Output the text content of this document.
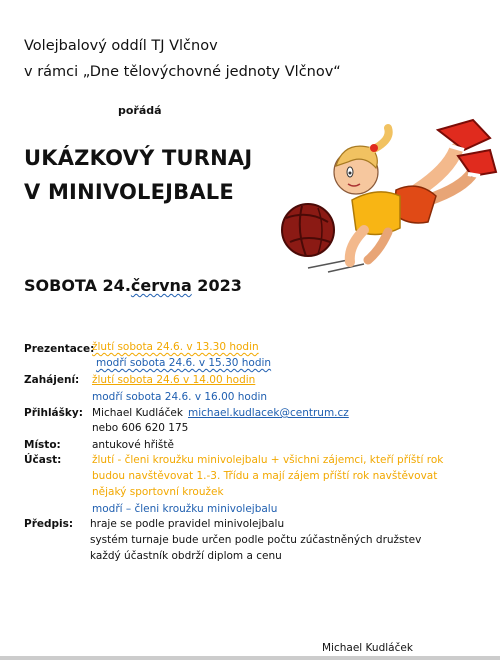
Volejbalový oddíl TJ Vlčnov
v rámci „Dne tělovýchovné jednoty Vlčnov“
pořádá
UKÁZKOVÝ TURNAJ
V MINIVOLEJBALE
SOBOTA 24.června 2023
Prezentace:
žlutí sobota 24.6. v 13.30 hodin
modří sobota 24.6. v 15.30 hodin
Zahájení: žlutí sobota 24.6 v 14.00 hodin
modří sobota 24.6. v 16.00 hodin
Přihlášky: Michael Kudláček michael.kudlacek@centrum.cz
nebo 606 620 175
Místo:	antukové hřiště
Účast:	žlutí - členi kroužku minivolejbalu + všichni zájemci, kteří příští rok
budou navštěvovat 1.-3. Třídu a mají zájem příští rok navštěvovat
nějaký sportovní kroužek
modří – členi kroužku minivolejbalu
Předpis: hraje se podle pravidel minivolejbalu
systém turnaje bude určen podle počtu zúčastněných družstev
každý účastník obdrží diplom a cenu
Michael Kudláček
